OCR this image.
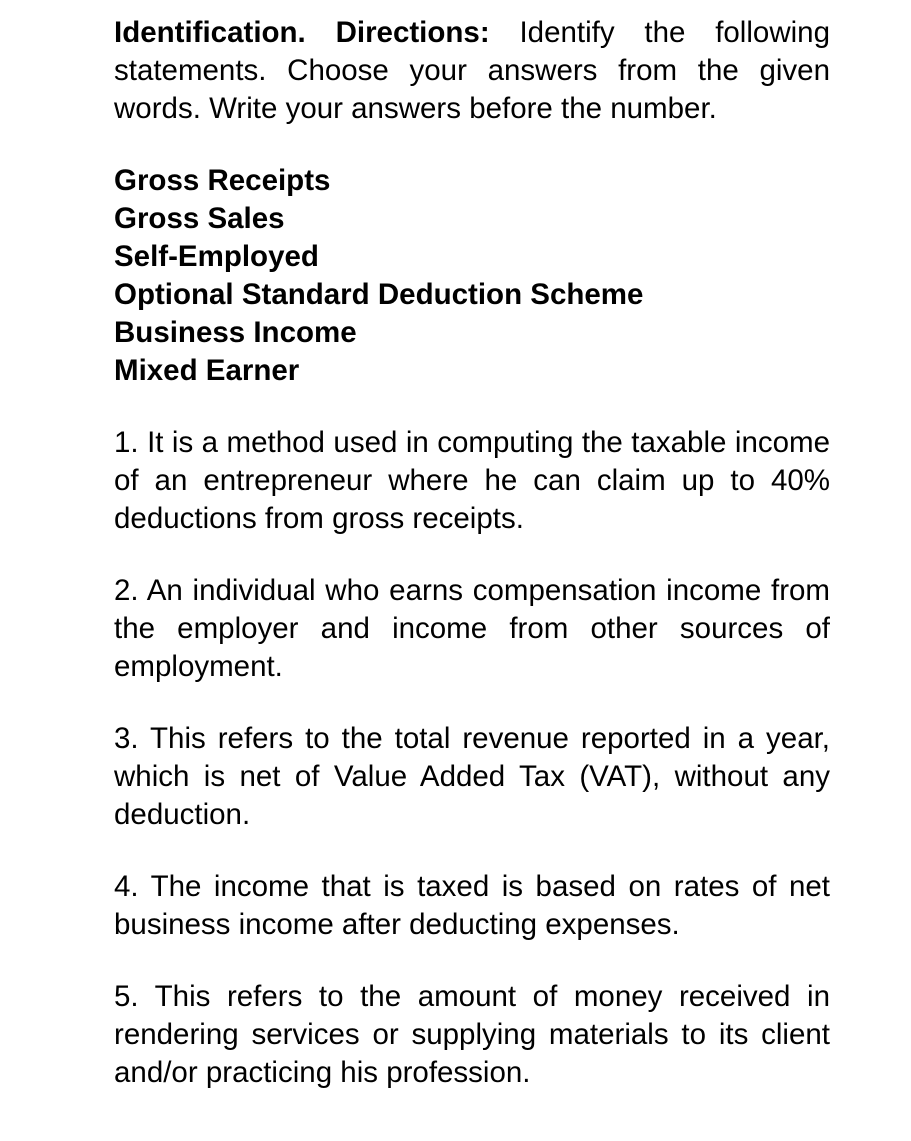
Identification. Directions: Identify the following statements. Choose your answers from the given words. Write your answers before the number.

Gross Receipts
Gross Sales
Self-Employed
Optional Standard Deduction Scheme
Business Income
Mixed Earner
1. It is a method used in computing the taxable income of an entrepreneur where he can claim up to 40% deductions from gross receipts.
2. An individual who earns compensation income from the employer and income from other sources of employment.
3. This refers to the total revenue reported in a year, which is net of Value Added Tax (VAT), without any deduction.
4. The income that is taxed is based on rates of net business income after deducting expenses.
5. This refers to the amount of money received in rendering services or supplying materials to its client and/or practicing his profession.
